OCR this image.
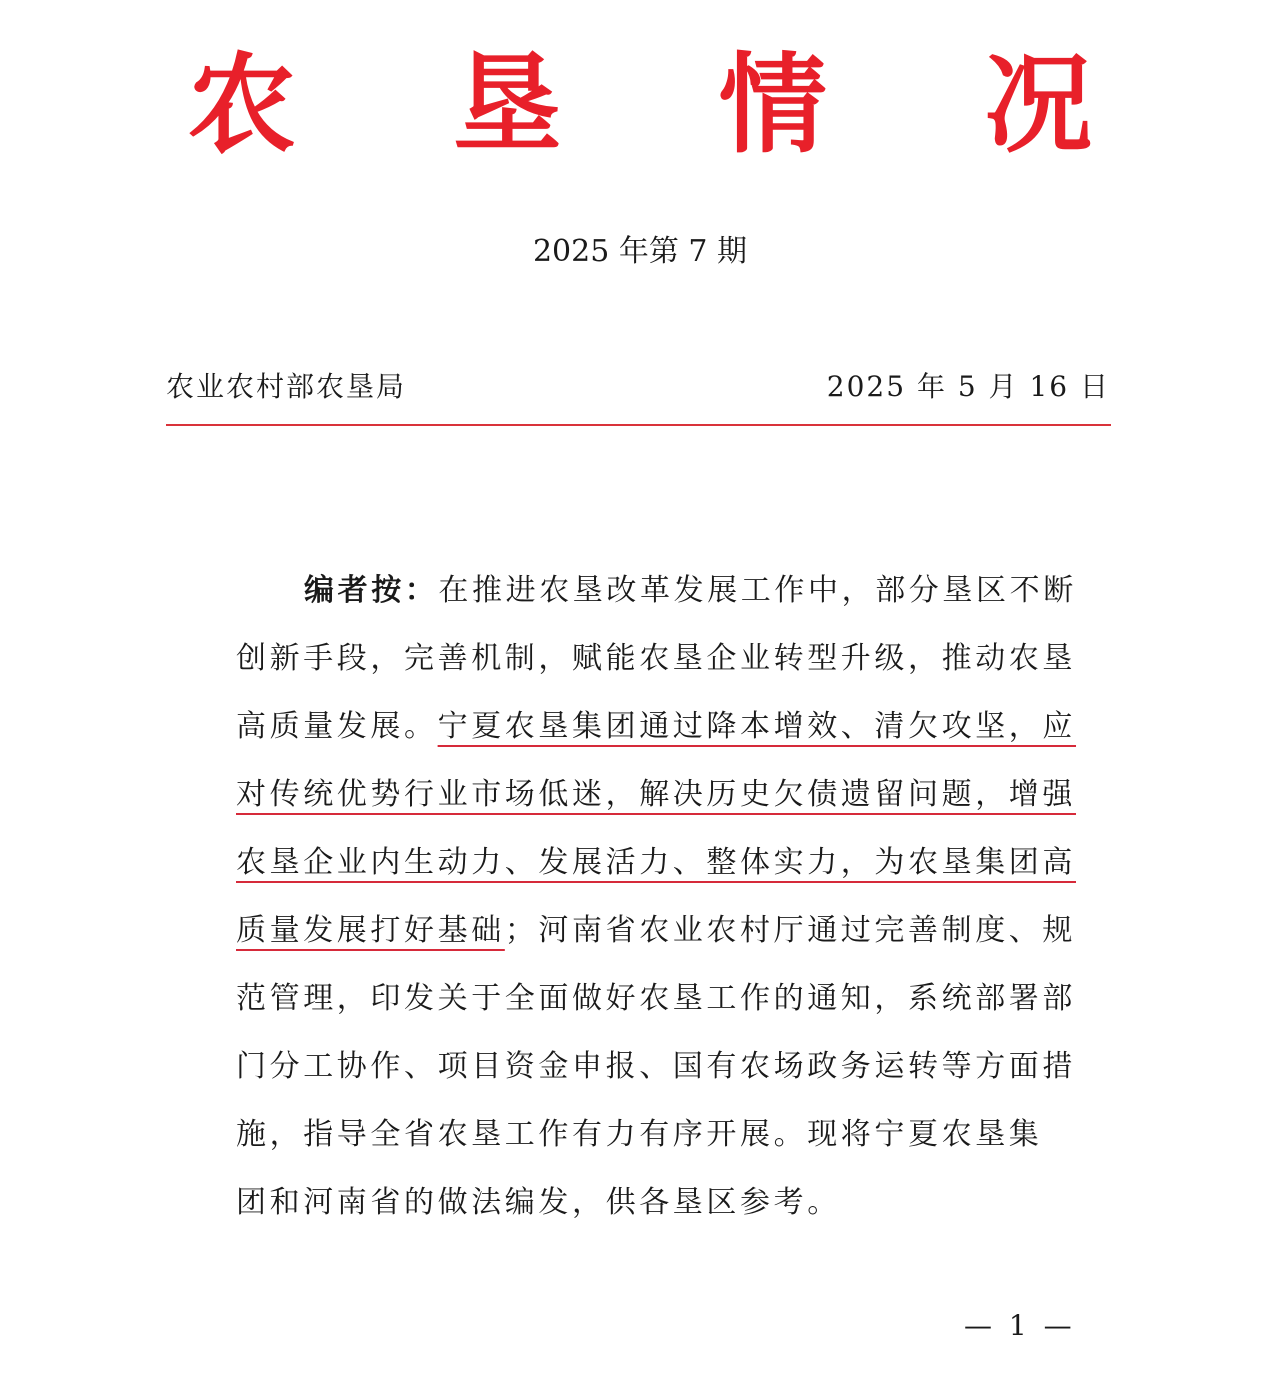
农 垦 情 况
2025 年第 7 期
农业农村部农垦局	2025 年 5 月 16 日
编者按：在推进农垦改革发展工作中，部分垦区不断
创新手段，完善机制，赋能农垦企业转型升级，推动农垦
高质量发展。宁夏农垦集团通过降本增效、清欠攻坚，应
对传统优势行业市场低迷，解决历史欠债遗留问题，增强
农垦企业内生动力、发展活力、整体实力，为农垦集团高
质量发展打好基础；河南省农业农村厅通过完善制度、规
范管理，印发关于全面做好农垦工作的通知，系统部署部
门分工协作、项目资金申报、国有农场政务运转等方面措
施，指导全省农垦工作有力有序开展。现将宁夏农垦集
团和河南省的做法编发，供各垦区参考。
— 1 —
